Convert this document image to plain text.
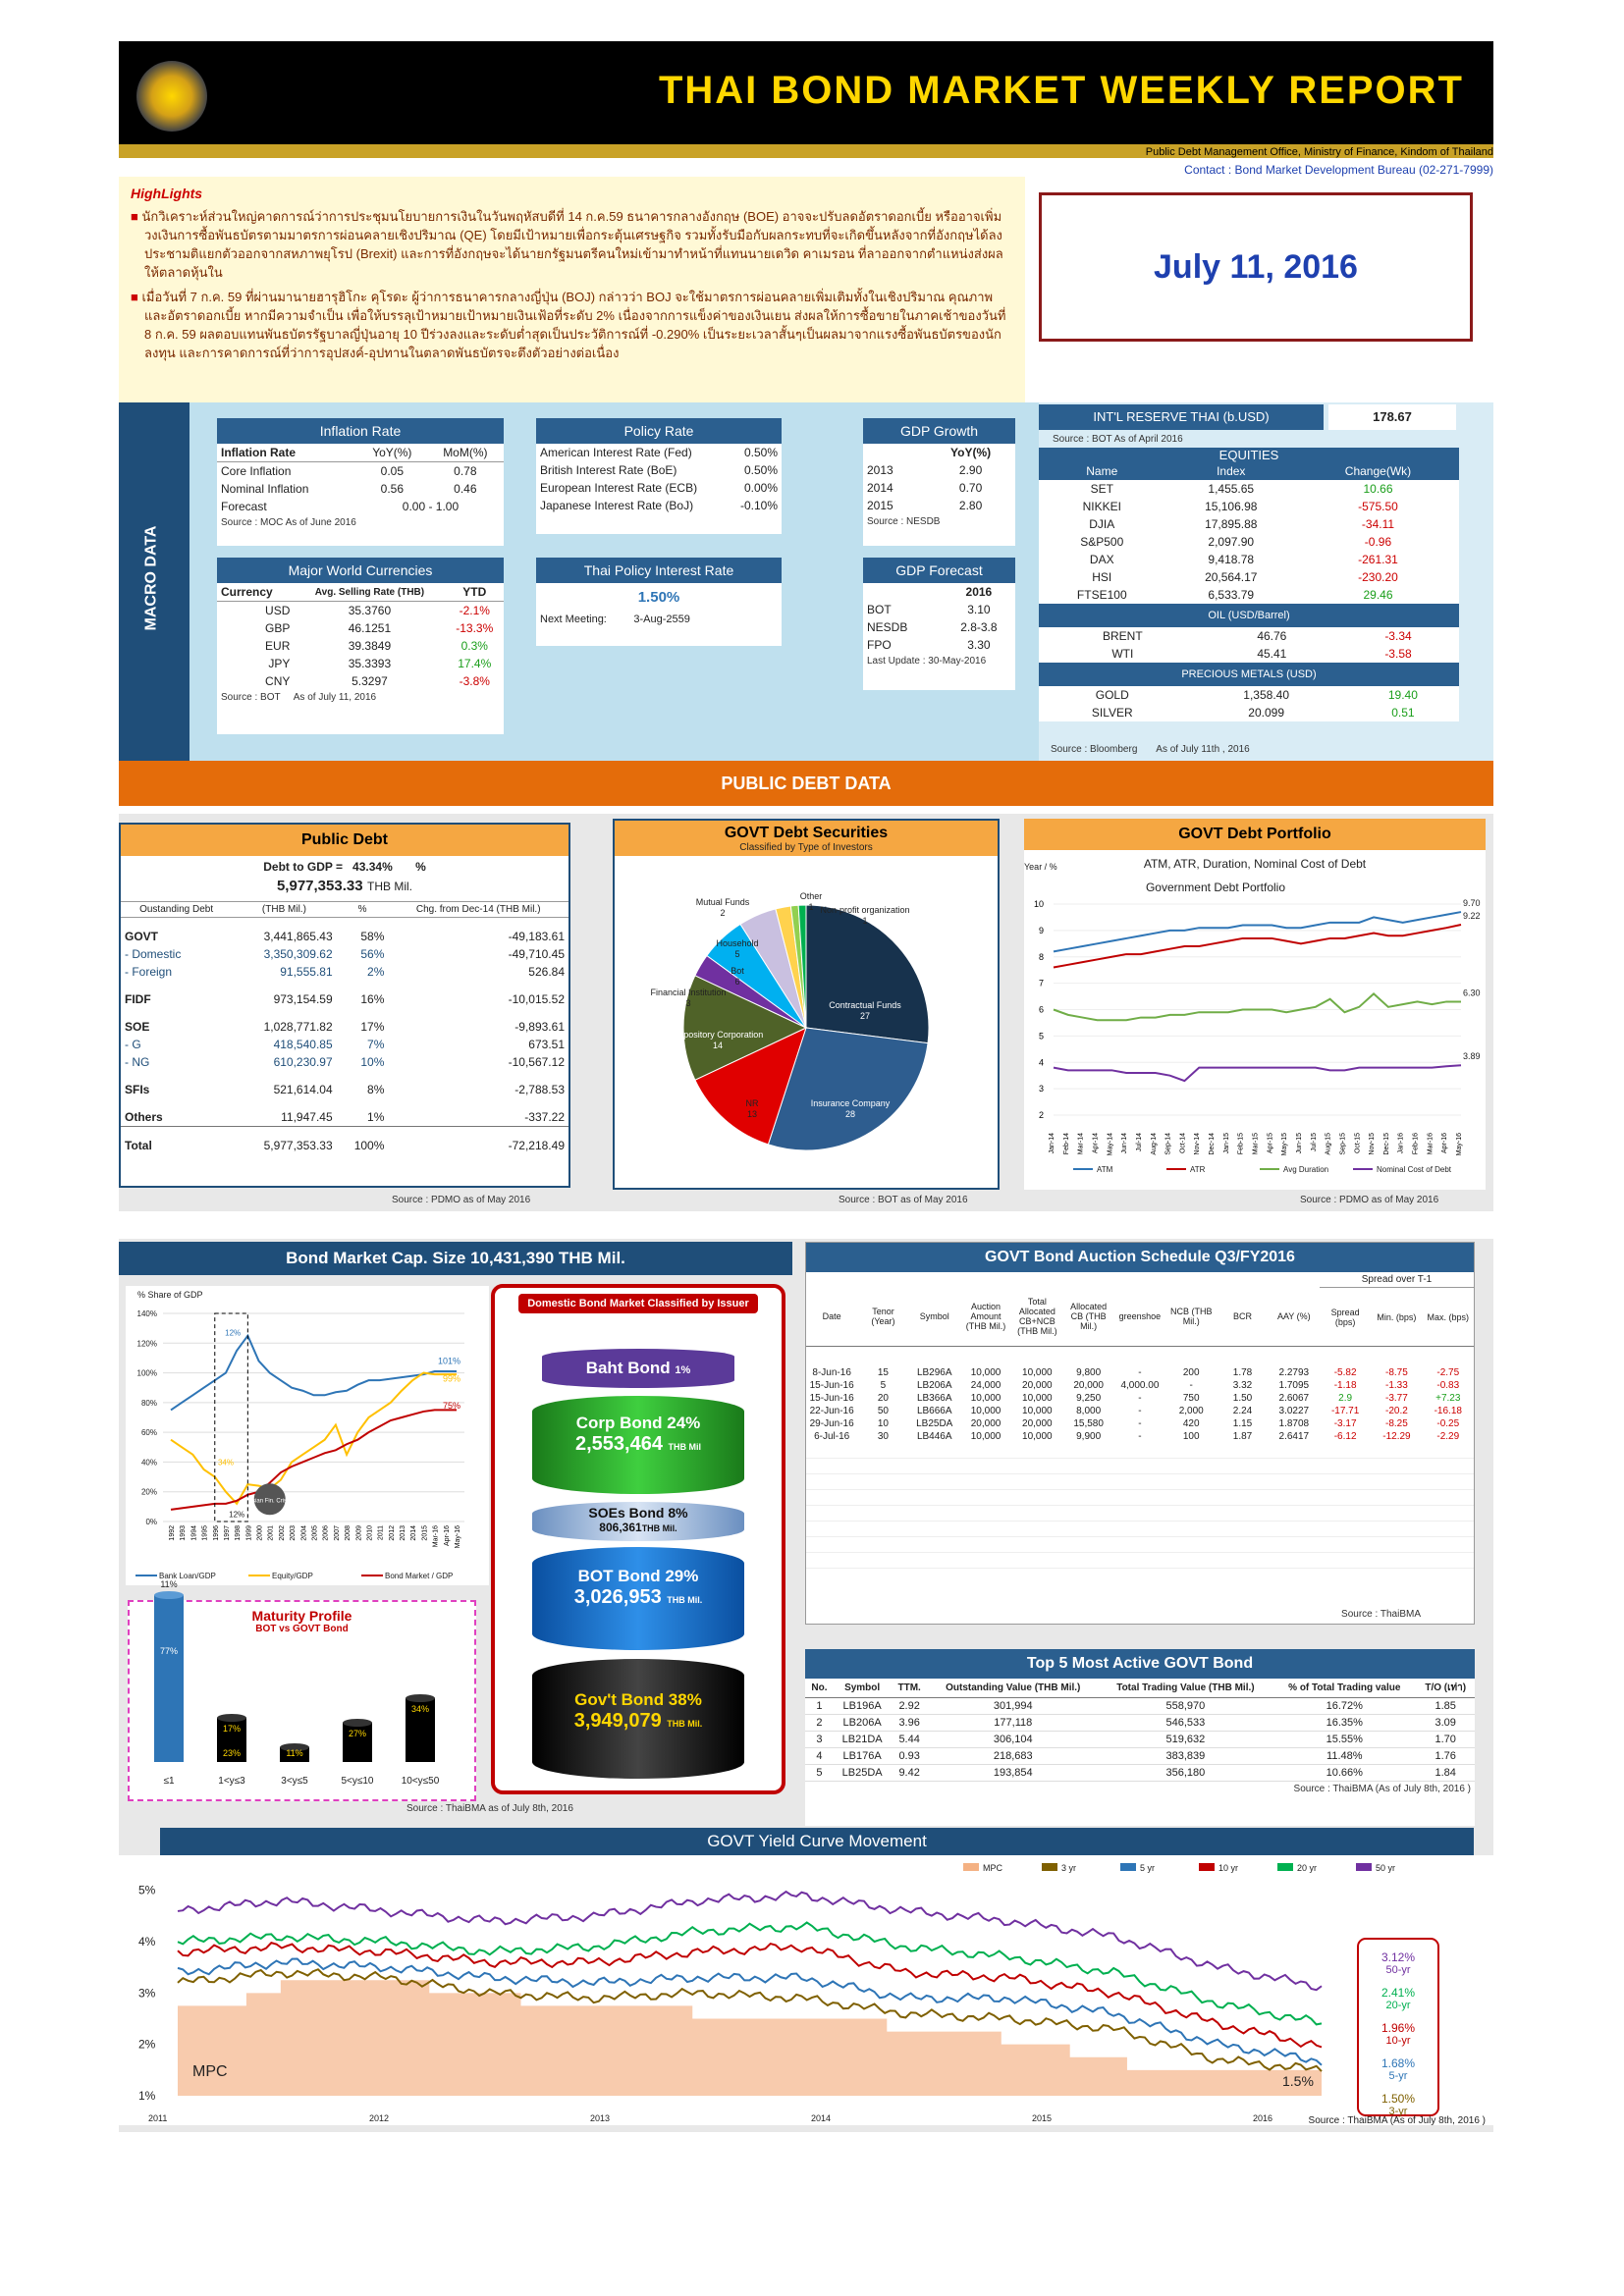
THAI BOND MARKET WEEKLY REPORT
Public Debt Management Office, Ministry of Finance, Kindom of Thailand
Contact : Bond Market Development Bureau (02-271-7999)
HighLights

■ นักวิเคราะห์ส่วนใหญ่คาดการณ์ว่าการประชุมนโยบายการเงินในวันพฤหัสบดีที่ 14 ก.ค.59 ธนาคารกลางอังกฤษ (BOE) อาจจะปรับลดอัตราดอกเบี้ย หรืออาจเพิ่มวงเงินการซื้อพันธบัตรตามมาตรการผ่อนคลายเชิงปริมาณ (QE) โดยมีเป้าหมายเพื่อกระตุ้นเศรษฐกิจ รวมทั้งรับมือกับผลกระทบที่จะเกิดขึ้นหลังจากที่อังกฤษได้ลงประชามติแยกตัวออกจากสหภาพยุโรป (Brexit) และการที่อังกฤษจะได้นายกรัฐมนตรีคนใหม่เข้ามาทำหน้าที่แทนนายเดวิด คาเมรอน ที่ลาออกจากตำแหน่งส่งผลให้ตลาดหุ้นใน

■ เมื่อวันที่ 7 ก.ค. 59 ที่ผ่านมานายฮารุฮิโกะ คุโรดะ ผู้ว่าการธนาคารกลางญี่ปุ่น (BOJ) กล่าวว่า BOJ จะใช้มาตรการผ่อนคลายเพิ่มเติมทั้งในเชิงปริมาณ คุณภาพ และอัตราดอกเบี้ย หากมีความจำเป็น เพื่อให้บรรลุเป้าหมายเป้าหมายเงินเฟ้อที่ระดับ 2% เนื่องจากการแข็งค่าของเงินเยน ส่งผลให้การซื้อขายในภาคเช้าของวันที่ 8 ก.ค. 59 ผลตอบแทนพันธบัตรรัฐบาลญี่ปุ่นอายุ 10 ปีร่วงลงและระดับต่ำสุดเป็นประวัติการณ์ที่ -0.290% เป็นระยะเวลาสั้นๆเป็นผลมาจากแรงซื้อพันธบัตรของนักลงทุน และการคาดการณ์ที่ว่าการอุปสงค์-อุปทานในตลาดพันธบัตรจะตึงตัวอย่างต่อเนื่อง

July 11, 2016
MACRO DATA
Inflation Rate
Inflation Rate	YoY(%)	MoM(%)
Core Inflation	0.05	0.78
Nominal Inflation	0.56	0.46
Forecast	0.00 - 1.00	
Source : MOC As of June 2016
Policy Rate
American Interest Rate (Fed)	0.50%
British Interest Rate (BoE)	0.50%
European Interest Rate (ECB)	0.00%
Japanese Interest Rate (BoJ)	-0.10%
GDP Growth
	YoY(%)
2013	2.90
2014	0.70
2015	2.80
Source : NESDB
Major World Currencies
Currency	Avg. Selling Rate (THB)	YTD
USD	35.3760	-2.1%
GBP	46.1251	-13.3%
EUR	39.3849	0.3%
JPY	35.3393	17.4%
CNY	5.3297	-3.8%
Source : BOT As of July 11, 2016
Thai Policy Interest Rate
1.50%
Next Meeting:	3-Aug-2559
GDP Forecast
	2016
BOT	3.10
NESDB	2.8-3.8
FPO	3.30
Last Update : 30-May-2016
INT'L RESERVE THAI (b.USD)	178.67
Source : BOT As of April 2016
EQUITIES
Name	Index	Change(Wk)
SET	1,455.65	10.66
NIKKEI	15,106.98	-575.50
DJIA	17,895.88	-34.11
S&P500	2,097.90	-0.96
DAX	9,418.78	-261.31
HSI	20,564.17	-230.20
FTSE100	6,533.79	29.46
OIL (USD/Barrel)
BRENT	46.76	-3.34
WTI	45.41	-3.58
PRECIOUS METALS (USD)
GOLD	1,358.40	19.40
SILVER	20.099	0.51
Source : Bloomberg As of July 11th , 2016
PUBLIC DEBT DATA
Public Debt
Debt to GDP = 43.34% %
5,977,353.33 THB Mil.
Oustanding Debt	(THB Mil.)	%	Chg. from Dec-14 (THB Mil.)
GOVT	3,441,865.43	58%	-49,183.61
- Domestic	3,350,309.62	56%	-49,710.45
- Foreign	91,555.81	2%	526.84
FIDF	973,154.59	16%	-10,015.52
SOE	1,028,771.82	17%	-9,893.61
- G	418,540.85	7%	673.51
- NG	610,230.97	10%	-10,567.12
SFIs	521,614.04	8%	-2,788.53
Others	11,947.45	1%	-337.22
Total	5,977,353.33	100%	-72,218.49
Source : PDMO as of May 2016
GOVT Debt Securities
Classified by Type of Investors
Contractual Funds
27
Insurance Company
28
NR
13
Depository Corporation
14
Financial Institution
3
Bot
6
Household
5
Mutual Funds
2
Other
1 Non-profit organization
1
Source : BOT as of May 2016
GOVT Debt Portfolio
ATM, ATR, Duration, Nominal Cost of Debt
Government Debt Portfolio
Year / %
2
3
4
5
6
7
8
9
10	9.70
ATM
9.22
ATR
6.30
Avg Duration
3.89
Nominal Cost of Debt
Jan-14 Feb-14 Mar-14 Apr-14 May-14 Jun-14 Jul-14 Aug-14 Sep-14 Oct-14 Nov-14 Dec-14 Jan-15 Feb-15 Mar-15 Apr-15 May-15 Jun-15 Jul-15 Aug-15 Sep-15 Oct-15 Nov-15 Dec-15 Jan-16 Feb-16 Mar-16 Apr-16 May-16
Source : PDMO as of May 2016
Bond Market Cap. Size 10,431,390 THB Mil.
% Share of GDP
140%
120%
100%
80%
60%
40%
20%
0%
1992 1993 1994 1995 1996 1997 1998 1999 2000 2001 2002 2003 2004 2005 2006 2007 2008 2009 2010 2011 2012 2013 2014 2015 Mar-16 Apr-16 May-16
12%
101%
99%
75%
34%
12%
Asian Fin. Crisis
Bank Loan/GDP	Equity/GDP	Bond Market / GDP
Maturity Profile
BOT vs GOVT Bond
11%
77%
≤1
17%
23%
1<y≤3
11%
3<y≤5
27%
5<y≤10
34%
10<y≤50
Domestic Bond Market Classified by Issuer
Baht Bond 1%
Corp Bond 24%
2,553,464 THB Mil
SOEs Bond 8%
806,361THB Mil.
BOT Bond 29%
3,026,953 THB Mil.
Gov't Bond 38%
3,949,079 THB Mil.
Source : ThaiBMA as of July 8th, 2016
GOVT Bond Auction Schedule Q3/FY2016
										Spread over T-1		
Date	Tenor (Year)	Symbol	Auction Amount (THB Mil.)	Total Allocated CB+NCB (THB Mil.)	Allocated CB (THB Mil.)	greenshoe	NCB (THB Mil.)	BCR	AAY (%)	Spread (bps)	Min. (bps)	Max. (bps)

8-Jun-16	15	LB296A	10,000	10,000	9,800	-	200	1.78	2.2793	-5.82	-8.75	-2.75
15-Jun-16	5	LB206A	24,000	20,000	20,000	4,000.00	-	3.32	1.7095	-1.18	-1.33	-0.83
15-Jun-16	20	LB366A	10,000	10,000	9,250	-	750	1.50	2.6067	2.9	-3.77	+7.23
22-Jun-16	50	LB666A	10,000	10,000	8,000	-	2,000	2.24	3.0227	-17.71	-20.2	-16.18
29-Jun-16	10	LB25DA	20,000	20,000	15,580	-	420	1.15	1.8708	-3.17	-8.25	-0.25
6-Jul-16	30	LB446A	10,000	10,000	9,900	-	100	1.87	2.6417	-6.12	-12.29	-2.29

Source : ThaiBMA
Top 5 Most Active GOVT Bond
No.	Symbol	TTM.	Outstanding Value (THB Mil.)	Total Trading Value (THB Mil.)	% of Total Trading value	T/O (เท่า)
1	LB196A	2.92	301,994	558,970	16.72%	1.85
2	LB206A	3.96	177,118	546,533	16.35%	3.09
3	LB21DA	5.44	306,104	519,632	15.55%	1.70
4	LB176A	0.93	218,683	383,839	11.48%	1.76
5	LB25DA	9.42	193,854	356,180	10.66%	1.84
Source : ThaiBMA (As of July 8th, 2016 )
GOVT Yield Curve Movement
5%
4%
3%
2%
1%
2011	2012	2013	2014	2015	2016
MPC
1.5%
MPC	3 yr	5 yr	10 yr	20 yr	50 yr
3.12%
50-yr
2.41%
20-yr
1.96%
10-yr
1.68%
5-yr
1.50%
3-yr
Source : ThaiBMA (As of July 8th, 2016 )
